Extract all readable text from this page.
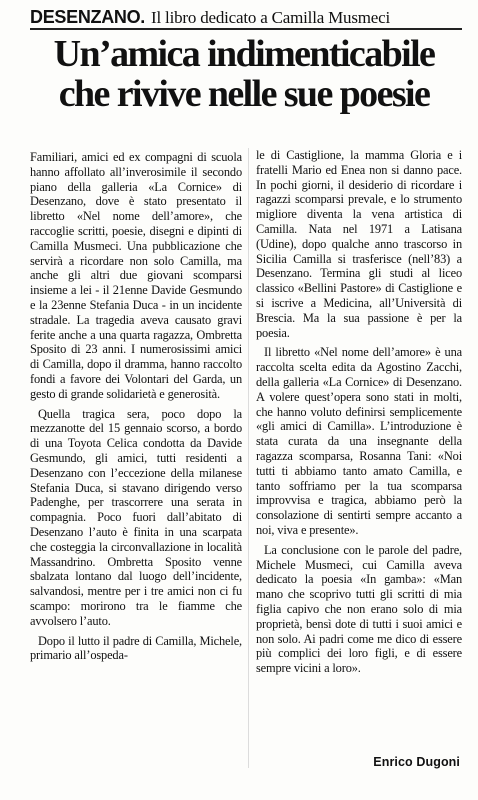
DESENZANO. Il libro dedicato a Camilla Musmeci
Un’amica indimenticabile
che rivive nelle sue poesie

Familiari, amici ed ex compagni di scuola hanno affollato all’inverosimile il secondo piano della galleria «La Cornice» di Desenzano, dove è stato presentato il libretto «Nel nome dell’amore», che raccoglie scritti, poesie, disegni e dipinti di Camilla Musmeci. Una pubblicazione che servirà a ricordare non solo Camilla, ma anche gli altri due giovani scomparsi insieme a lei - il 21enne Davide Gesmundo e la 23enne Stefania Duca - in un incidente stradale. La tragedia aveva causato gravi ferite anche a una quarta ragazza, Ombretta Sposito di 23 anni. I numerosissimi amici di Camilla, dopo il dramma, hanno raccolto fondi a favore dei Volontari del Garda, un gesto di grande solidarietà e generosità.

Quella tragica sera, poco dopo la mezzanotte del 15 gennaio scorso, a bordo di una Toyota Celica condotta da Davide Gesmundo, gli amici, tutti residenti a Desenzano con l’eccezione della milanese Stefania Duca, si stavano dirigendo verso Padenghe, per trascorrere una serata in compagnia. Poco fuori dall’abitato di Desenzano l’auto è finita in una scarpata che costeggia la circonvallazione in località Massandrino. Ombretta Sposito venne sbalzata lontano dal luogo dell’incidente, salvandosi, mentre per i tre amici non ci fu scampo: morirono tra le fiamme che avvolsero l’auto.

Dopo il lutto il padre di Camilla, Michele, primario all’ospeda-

le di Castiglione, la mamma Gloria e i fratelli Mario ed Enea non si danno pace. In pochi giorni, il desiderio di ricordare i ragazzi scomparsi prevale, e lo strumento migliore diventa la vena artistica di Camilla. Nata nel 1971 a Latisana (Udine), dopo qualche anno trascorso in Sicilia Camilla si trasferisce (nell’83) a Desenzano. Termina gli studi al liceo classico «Bellini Pastore» di Castiglione e si iscrive a Medicina, all’Università di Brescia. Ma la sua passione è per la poesia.

Il libretto «Nel nome dell’amore» è una raccolta scelta edita da Agostino Zacchi, della galleria «La Cornice» di Desenzano. A volere quest’opera sono stati in molti, che hanno voluto definirsi semplicemente «gli amici di Camilla». L’introduzione è stata curata da una insegnante della ragazza scomparsa, Rosanna Tani: «Noi tutti ti abbiamo tanto amato Camilla, e tanto soffriamo per la tua scomparsa improvvisa e tragica, abbiamo però la consolazione di sentirti sempre accanto a noi, viva e presente».

La conclusione con le parole del padre, Michele Musmeci, cui Camilla aveva dedicato la poesia «In gamba»: «Man mano che scoprivo tutti gli scritti di mia figlia capivo che non erano solo di mia proprietà, bensì dote di tutti i suoi amici e non solo. Ai padri come me dico di essere più complici dei loro figli, e di essere sempre vicini a loro».

Enrico Dugoni
